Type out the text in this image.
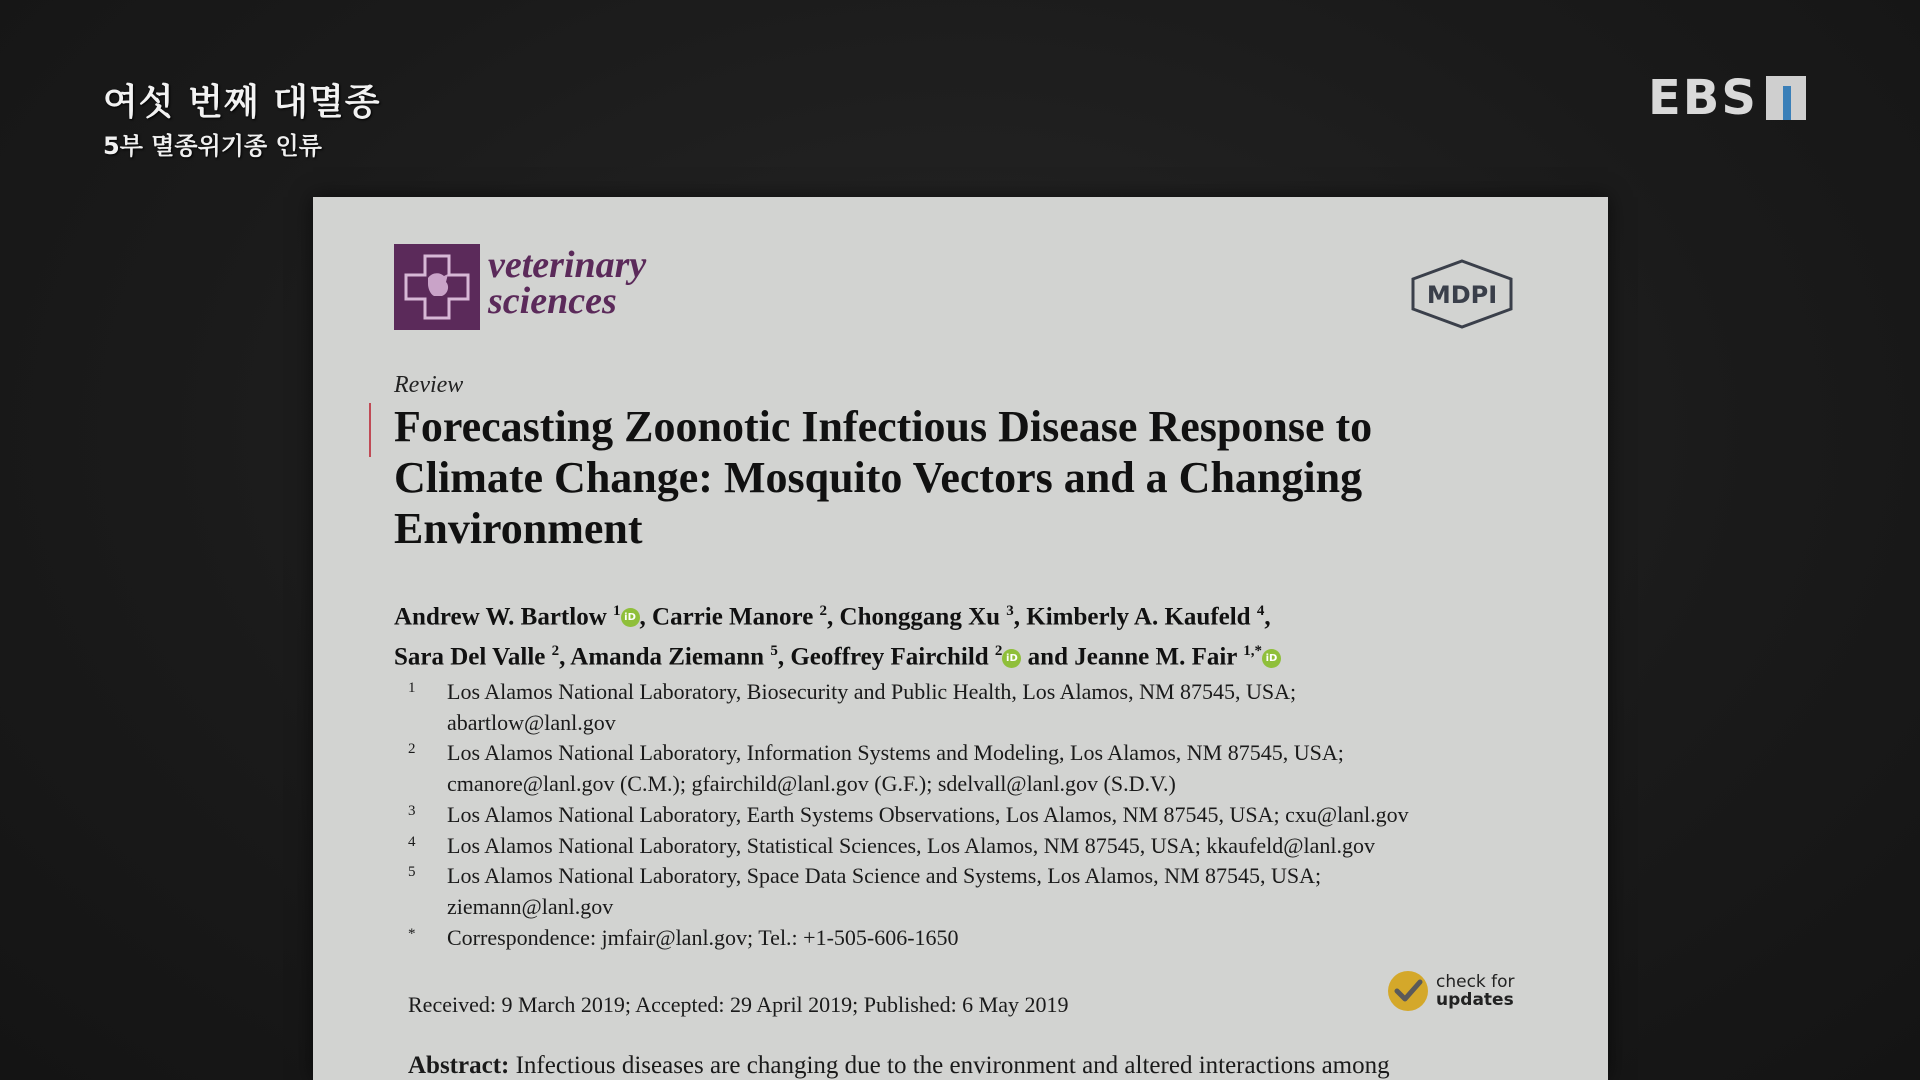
여섯 번째 대멸종
5부 멸종위기종 인류
EBS
veterinary
sciences	MDPI
Review
Forecasting Zoonotic Infectious Disease Response to Climate Change: Mosquito Vectors and a Changing Environment
Andrew W. Bartlow $^1$ iD , Carrie Manore $^2$, Chonggang Xu $^3$, Kimberly A. Kaufeld $^4$,
Sara Del Valle $^2$, Amanda Ziemann $^5$, Geoffrey Fairchild $^2$ iD and Jeanne M. Fair $^{1,*}$ iD
1	Los Alamos National Laboratory, Biosecurity and Public Health, Los Alamos, NM 87545, USA;
abartlow@lanl.gov
2	Los Alamos National Laboratory, Information Systems and Modeling, Los Alamos, NM 87545, USA;
cmanore@lanl.gov (C.M.); gfairchild@lanl.gov (G.F.); sdelvall@lanl.gov (S.D.V.)
3	Los Alamos National Laboratory, Earth Systems Observations, Los Alamos, NM 87545, USA; cxu@lanl.gov
4	Los Alamos National Laboratory, Statistical Sciences, Los Alamos, NM 87545, USA; kkaufeld@lanl.gov
5	Los Alamos National Laboratory, Space Data Science and Systems, Los Alamos, NM 87545, USA;
ziemann@lanl.gov
*	Correspondence: jmfair@lanl.gov; Tel.: +1-505-606-1650
Received: 9 March 2019; Accepted: 29 April 2019; Published: 6 May 2019
check for
updates
Abstract: Infectious diseases are changing due to the environment and altered interactions among
